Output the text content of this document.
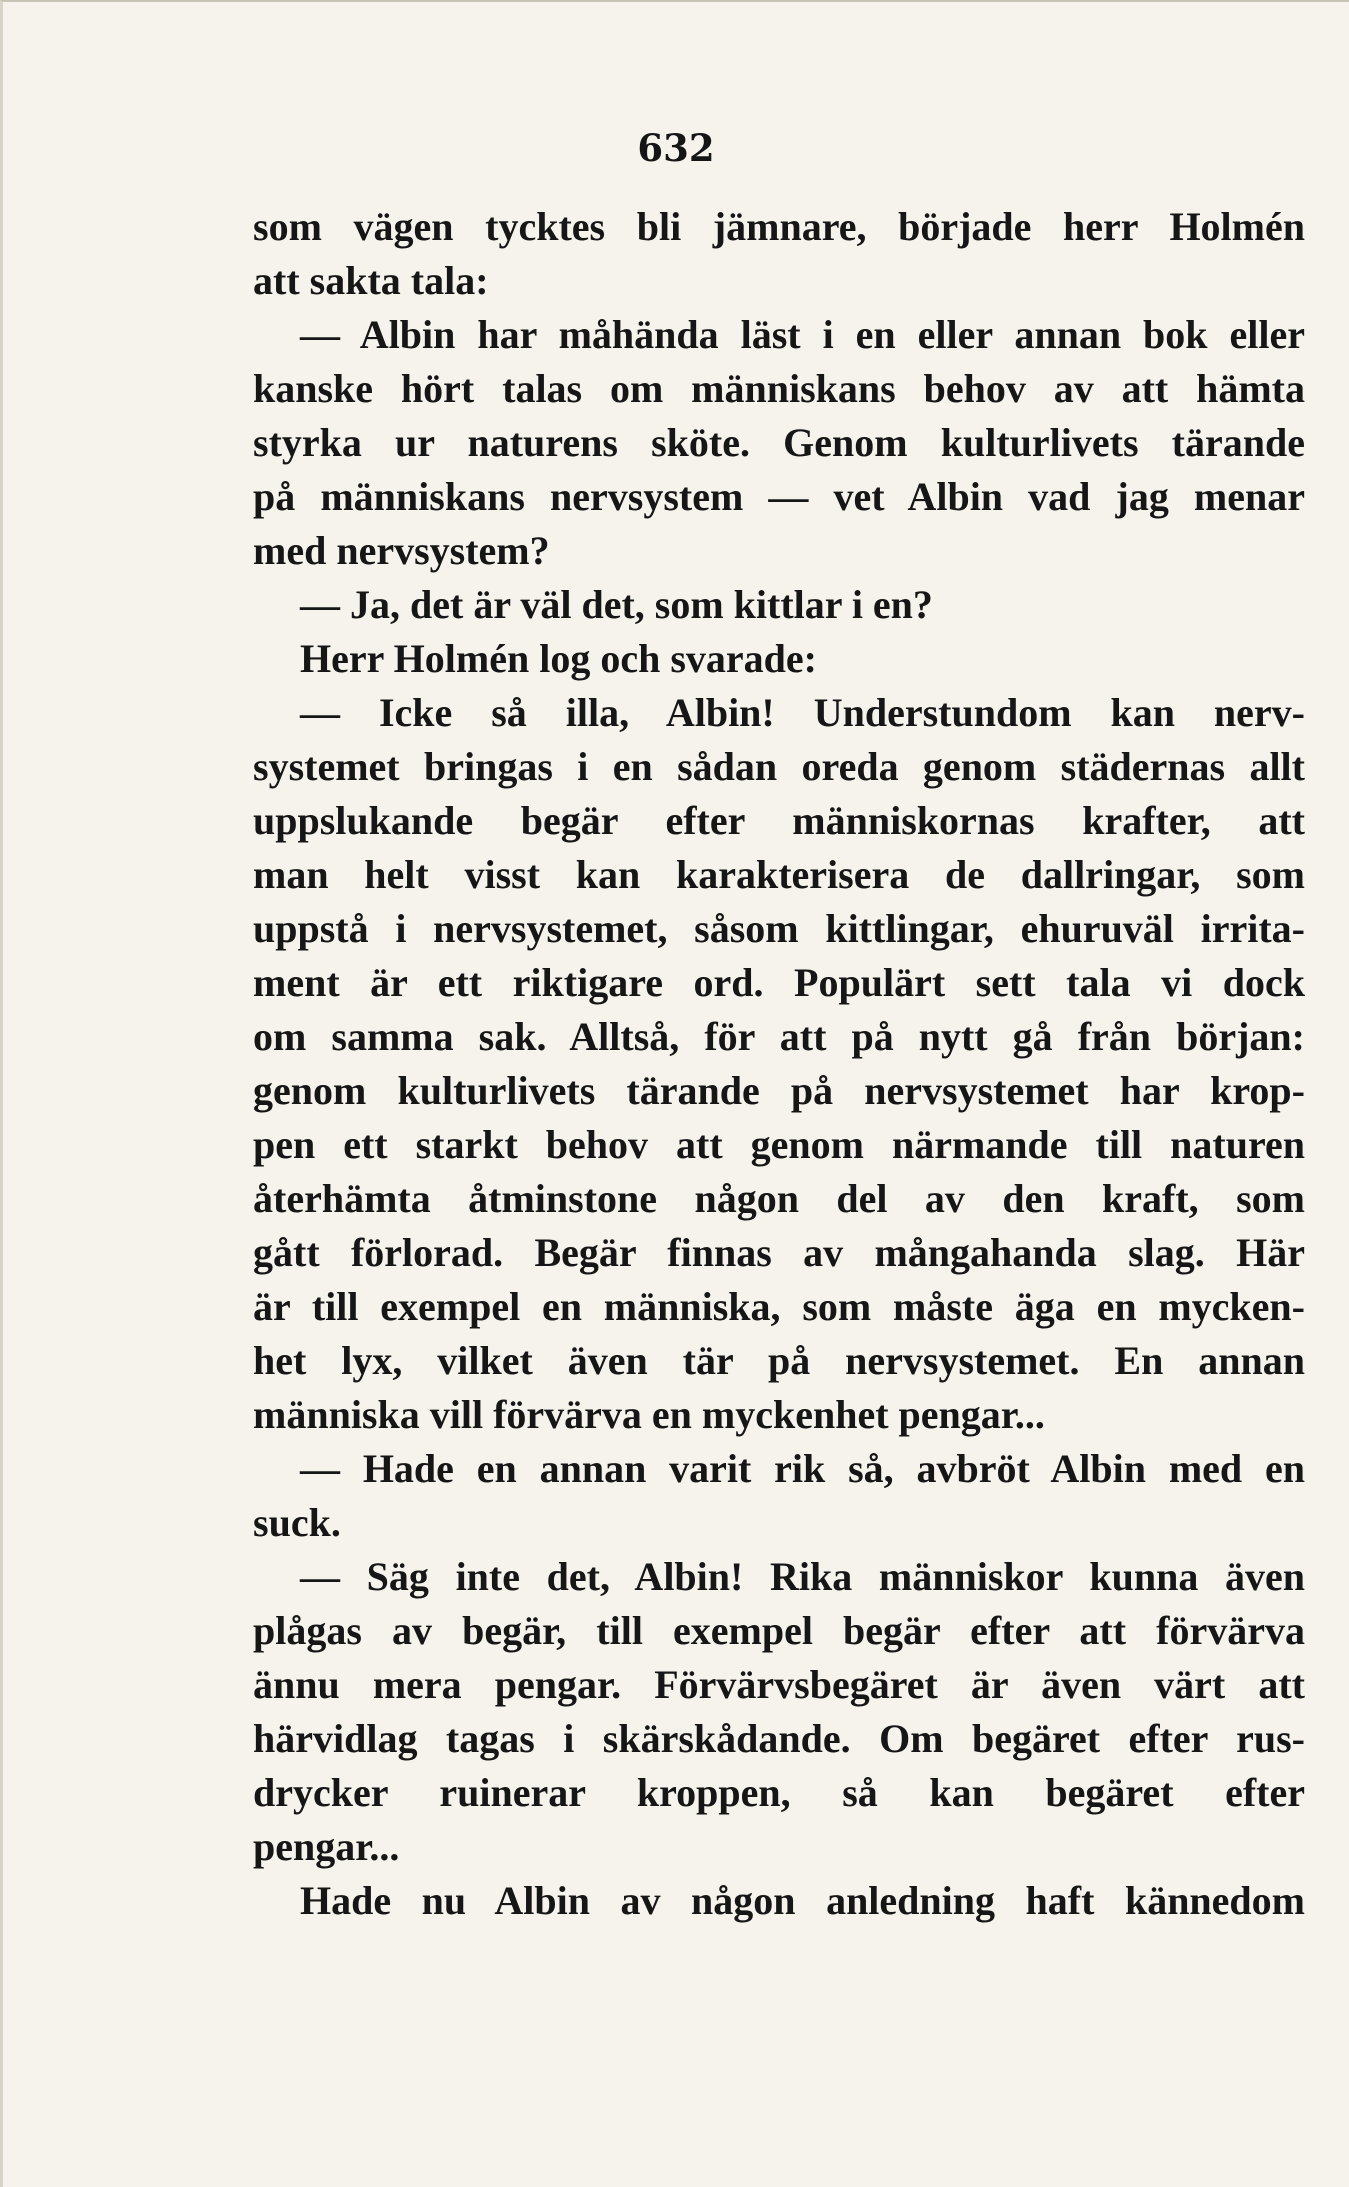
632
som vägen tycktes bli jämnare, började herr Holmén
att sakta tala:
— Albin har måhända läst i en eller annan bok eller
kanske hört talas om människans behov av att hämta
styrka ur naturens sköte. Genom kulturlivets tärande
på människans nervsystem — vet Albin vad jag menar
med nervsystem?
— Ja, det är väl det, som kittlar i en?
Herr Holmén log och svarade:
— Icke så illa, Albin! Understundom kan nerv-
systemet bringas i en sådan oreda genom städernas allt
uppslukande begär efter människornas krafter, att
man helt visst kan karakterisera de dallringar, som
uppstå i nervsystemet, såsom kittlingar, ehuruväl irrita-
ment är ett riktigare ord. Populärt sett tala vi dock
om samma sak. Alltså, för att på nytt gå från början:
genom kulturlivets tärande på nervsystemet har krop-
pen ett starkt behov att genom närmande till naturen
återhämta åtminstone någon del av den kraft, som
gått förlorad. Begär finnas av mångahanda slag. Här
är till exempel en människa, som måste äga en mycken-
het lyx, vilket även tär på nervsystemet. En annan
människa vill förvärva en myckenhet pengar...
— Hade en annan varit rik så, avbröt Albin med en
suck.
— Säg inte det, Albin! Rika människor kunna även
plågas av begär, till exempel begär efter att förvärva
ännu mera pengar. Förvärvsbegäret är även värt att
härvidlag tagas i skärskådande. Om begäret efter rus-
drycker ruinerar kroppen, så kan begäret efter
pengar...
Hade nu Albin av någon anledning haft kännedom
